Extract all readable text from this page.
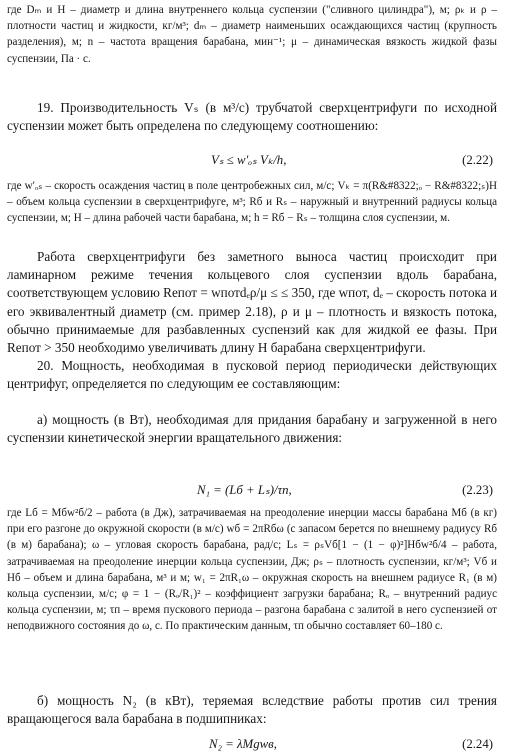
где Dₘ и H – диаметр и длина внутреннего кольца суспензии ("сливного цилиндра"), м; ρₖ и ρ – плотности частиц и жидкости, кг/м³; dₘ – диаметр наименьших осаждающихся частиц (крупность разделения), м; n – частота вращения барабана, мин⁻¹; μ – динамическая вязкость жидкой фазы суспензии, Па · с.
19. Производительность Vₛ (в м³/с) трубчатой сверхцентрифуги по исходной суспензии может быть определена по следующему соотношению:
Vₛ ≤ w′ₒₛ Vₖ/h,	(2.22)
где w′ₒₛ – скорость осаждения частиц в поле центробежных сил, м/с; Vₖ = π(R&#8322;ₒ − R&#8322;ₛ)H – объем кольца суспензии в сверхцентрифуге, м³; Rб и Rₛ – наружный и внутренний радиусы кольца суспензии, м; H – длина рабочей части барабана, м; h = Rб − Rₛ – толщина слоя суспензии, м.
Работа сверхцентрифуги без заметного выноса частиц происходит при ламинарном режиме течения кольцевого слоя суспензии вдоль барабана, соответствующем условию Reпот = wпотdₑρ/μ ≤ ≤ 350, где wпот, dₑ – скорость потока и его эквивалентный диаметр (см. пример 2.18), ρ и μ – плотность и вязкость потока, обычно принимаемые для разбавленных суспензий как для жидкой ее фазы. При Reпот > 350 необходимо увеличивать длину H барабана сверхцентрифуги.
20. Мощность, необходимая в пусковой период периодически действующих центрифуг, определяется по следующим ее составляющим:
а) мощность (в Вт), необходимая для придания барабану и загруженной в него суспензии кинетической энергии вращательного движения:
N₁ = (Lб + Lₛ)/τп,	(2.23)
где Lб = Mбw²б/2 – работа (в Дж), затрачиваемая на преодоление инерции массы барабана Mб (в кг) при его разгоне до окружной скорости (в м/с) wб = 2πRбω (с запасом берется по внешнему радиусу Rб (в м) барабана); ω – угловая скорость барабана, рад/с; Lₛ = ρₛVб[1 − (1 − φ)²]Hбw²б/4 – работа, затрачиваемая на преодоление инерции кольца суспензии, Дж; ρₛ – плотность суспензии, кг/м³; Vб и Hб – объем и длина барабана, м³ и м; w₁ = 2πR₁ω – окружная скорость на внешнем радиусе R₁ (в м) кольца суспензии, м/с; φ = 1 − (Rₒ/R₁)² – коэффициент загрузки барабана; Rₒ – внутренний радиус кольца суспензии, м; τп – время пускового периода – разгона барабана с залитой в него суспензией от неподвижного состояния до ω, с. По практическим данным, τп обычно составляет 60–180 с.
б) мощность N₂ (в кВт), теряемая вследствие работы против сил трения вращающегося вала барабана в подшипниках:
N₂ = λMgwв,	(2.24)
